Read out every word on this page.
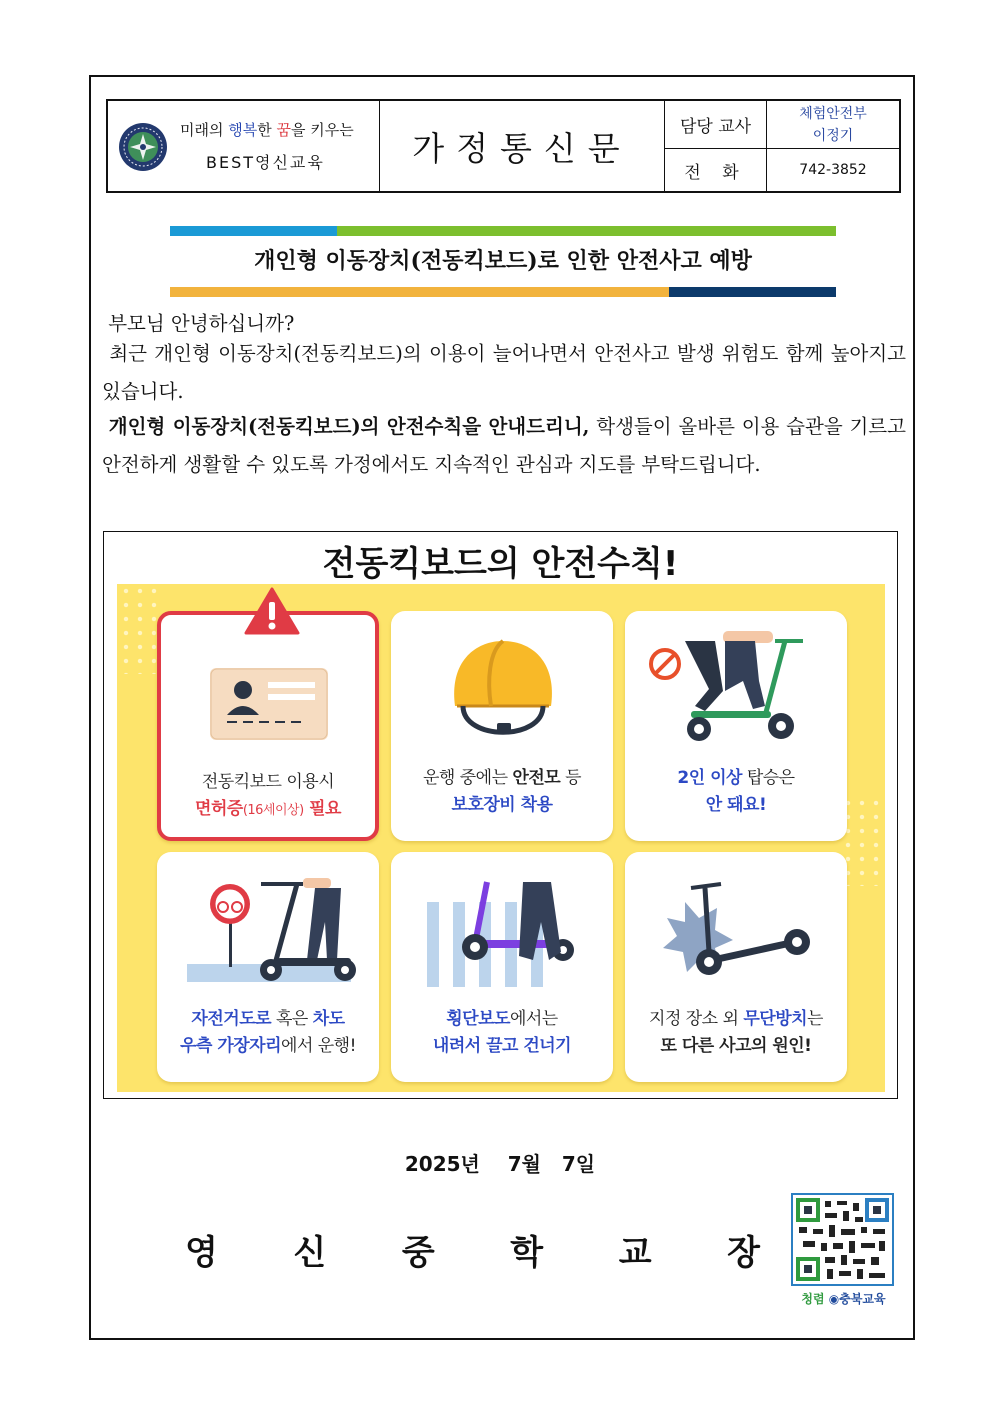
미래의 행복한 꿈을 키우는
BEST영신교육	가정통신문
담당 교사
체험안전부
이정기
전 화	742-3852
개인형 이동장치(전동킥보드)로 인한 안전사고 예방
부모님 안녕하십니까?
최근 개인형 이동장치(전동킥보드)의 이용이 늘어나면서 안전사고 발생 위험도 함께 높아지고 있습니다.
개인형 이동장치(전동킥보드)의 안전수칙을 안내드리니, 학생들이 올바른 이용 습관을 기르고 안전하게 생활할 수 있도록 가정에서도 지속적인 관심과 지도를 부탁드립니다.
전동킥보드의 안전수칙!
전동킥보드 이용시
면허증(16세이상) 필요
운행 중에는 안전모 등
보호장비 착용
2인 이상 탑승은
안 돼요!
자전거도로 혹은 차도
우측 가장자리에서 운행!
횡단보도에서는
내려서 끌고 건너기
지정 장소 외 무단방치는
또 다른 사고의 원인!
2025년    7월   7일
영 신 중 학 교 장
청렴 ◉충북교육
